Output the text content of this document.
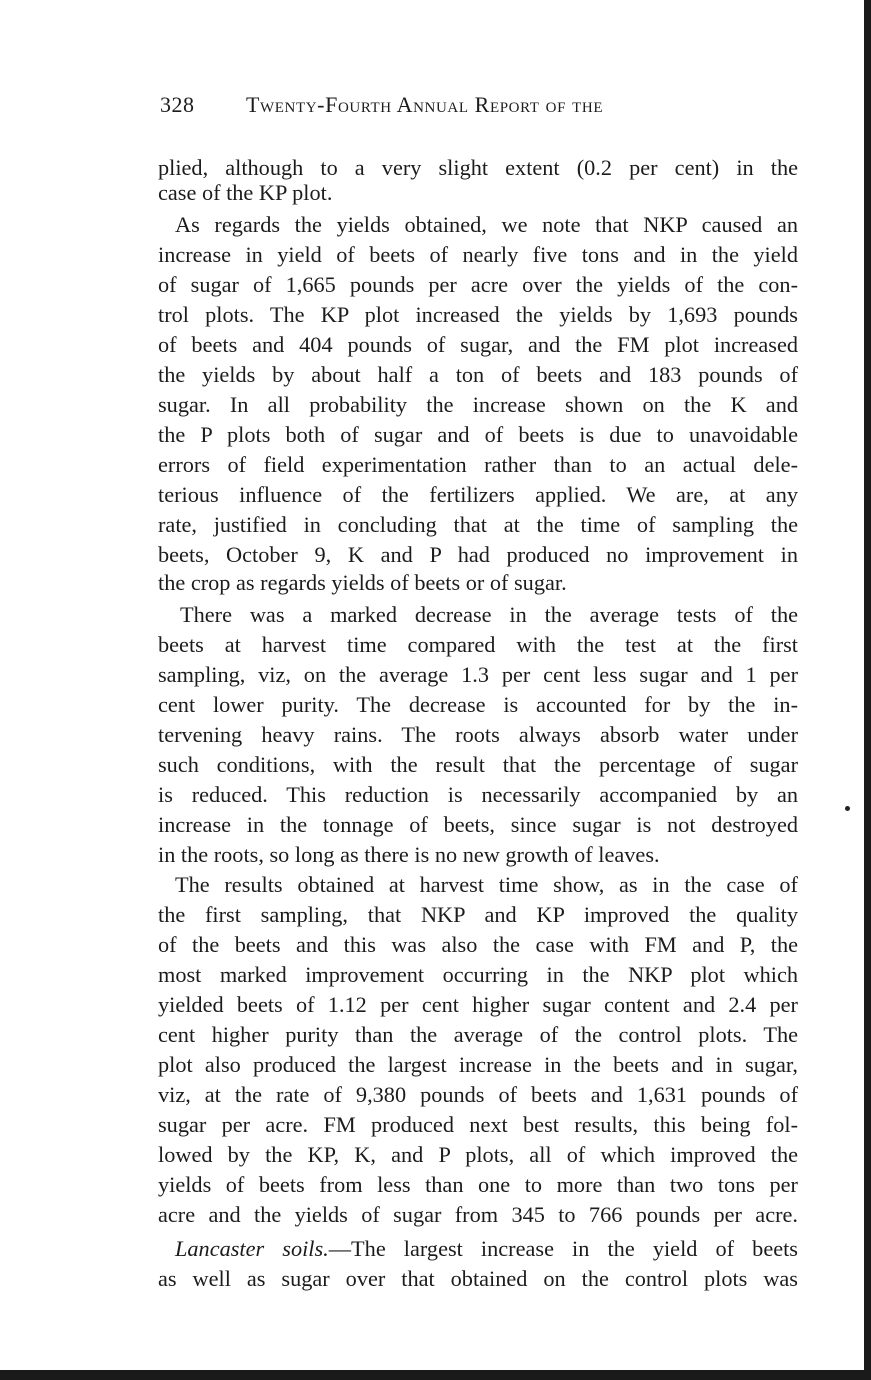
328 Twenty-Fourth Annual Report of the
plied, although to a very slight extent (0.2 per cent) in the
case of the KP plot.
As regards the yields obtained, we note that NKP caused an
increase in yield of beets of nearly five tons and in the yield
of sugar of 1,665 pounds per acre over the yields of the con-
trol plots. The KP plot increased the yields by 1,693 pounds
of beets and 404 pounds of sugar, and the FM plot increased
the yields by about half a ton of beets and 183 pounds of
sugar. In all probability the increase shown on the K and
the P plots both of sugar and of beets is due to unavoidable
errors of field experimentation rather than to an actual dele-
terious influence of the fertilizers applied. We are, at any
rate, justified in concluding that at the time of sampling the
beets, October 9, K and P had produced no improvement in
the crop as regards yields of beets or of sugar.
There was a marked decrease in the average tests of the
beets at harvest time compared with the test at the first
sampling, viz, on the average 1.3 per cent less sugar and 1 per
cent lower purity. The decrease is accounted for by the in-
tervening heavy rains. The roots always absorb water under
such conditions, with the result that the percentage of sugar
is reduced. This reduction is necessarily accompanied by an
increase in the tonnage of beets, since sugar is not destroyed
in the roots, so long as there is no new growth of leaves.
The results obtained at harvest time show, as in the case of
the first sampling, that NKP and KP improved the quality
of the beets and this was also the case with FM and P, the
most marked improvement occurring in the NKP plot which
yielded beets of 1.12 per cent higher sugar content and 2.4 per
cent higher purity than the average of the control plots. The
plot also produced the largest increase in the beets and in sugar,
viz, at the rate of 9,380 pounds of beets and 1,631 pounds of
sugar per acre. FM produced next best results, this being fol-
lowed by the KP, K, and P plots, all of which improved the
yields of beets from less than one to more than two tons per
acre and the yields of sugar from 345 to 766 pounds per acre.
Lancaster soils.—The largest increase in the yield of beets
as well as sugar over that obtained on the control plots was
